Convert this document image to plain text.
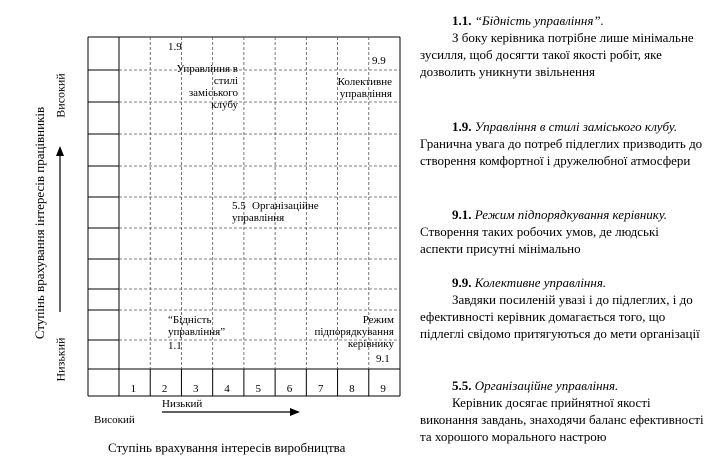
Ступінь врахування інтересів працівників
Високий
Низький
1 2 3 4 5 6 7 8 9
Низький
Високий
Ступінь врахування інтересів виробництва
1.9
Управління в стилі заміського клубу
9.9
Колективне управління
5.5 Організаційне управління
“Бідність управління”
1.1
Режим підпорядкування керівнику
9.1

1.1. “Бідність управління”.

З боку керівника потрібне лише мінімальне зусилля, щоб досягти такої якості робіт, яке дозволить уникнути звільнення

1.9. Управління в стилі заміського клубу. Гранична увага до потреб підлеглих призводить до створення комфортної і дружелюбної атмосфери

9.1. Режим підпорядкування керівнику. Створення таких робочих умов, де людські аспекти присутні мінімально

9.9. Колективне управління.

Завдяки посиленій увазі і до підлеглих, і до ефективності керівник домагається того, що підлеглі свідомо притягуються до мети організації

5.5. Організаційне управління.

Керівник досягає прийнятної якості виконання завдань, знаходячи баланс ефективності та хорошого морального настрою
